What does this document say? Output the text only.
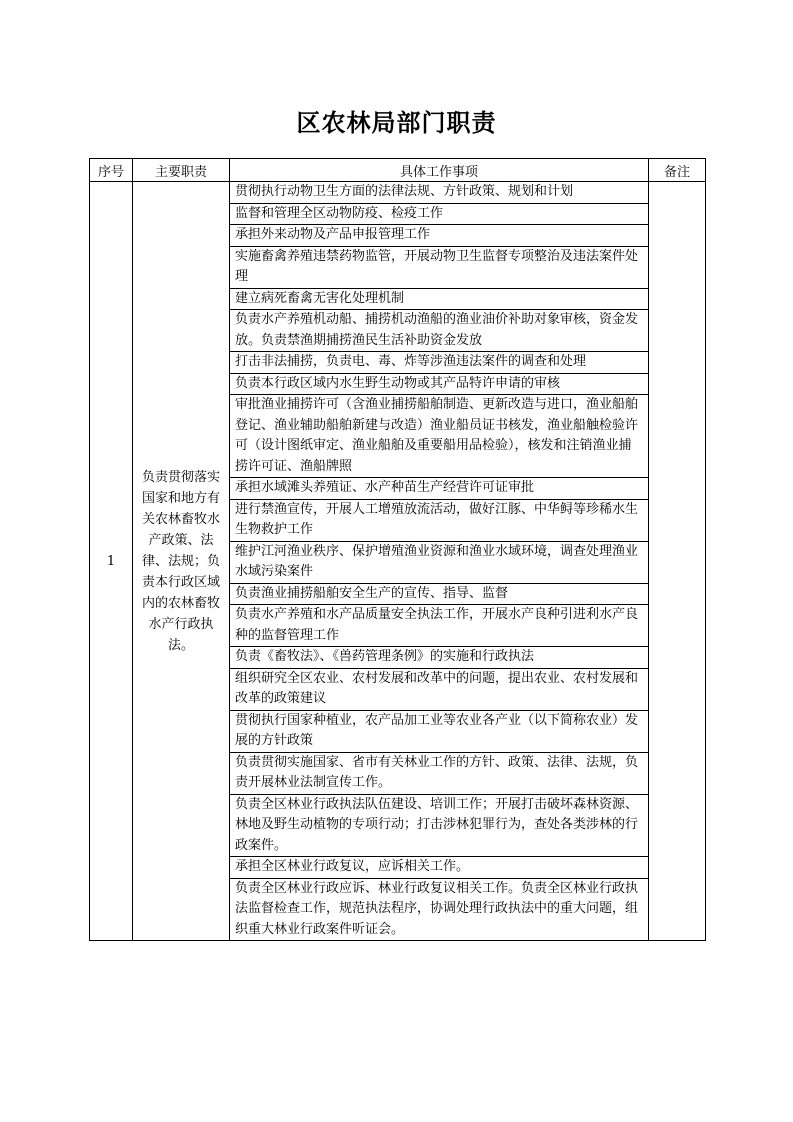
区农林局部门职责
序号	主要职责	具体工作事项	备注
1	负责贯彻落实国家和地方有关农林畜牧水产政策、法律、法规；负责本行政区域内的农林畜牧水产行政执法。	贯彻执行动物卫生方面的法律法规、方针政策、规划和计划	
		监督和管理全区动物防疫、检疫工作	
		承担外来动物及产品申报管理工作	
		实施畜禽养殖违禁药物监管，开展动物卫生监督专项整治及违法案件处理	
		建立病死畜禽无害化处理机制	
		负责水产养殖机动船、捕捞机动渔船的渔业油价补助对象审核，资金发放。负责禁渔期捕捞渔民生活补助资金发放	
		打击非法捕捞，负责电、毒、炸等涉渔违法案件的调查和处理	
		负责本行政区域内水生野生动物或其产品特许申请的审核	
		审批渔业捕捞许可（含渔业捕捞船舶制造、更新改造与进口，渔业船舶登记、渔业辅助船舶新建与改造）渔业船员证书核发，渔业船触检验许可（设计图纸审定、渔业船舶及重要船用品检验），核发和注销渔业捕捞许可证、渔船牌照	
		承担水域滩头养殖证、水产种苗生产经营许可证审批	
		进行禁渔宣传，开展人工增殖放流活动，做好江豚、中华鲟等珍稀水生生物救护工作	
		维护江河渔业秩序、保护增殖渔业资源和渔业水域环境，调查处理渔业水域污染案件	
		负责渔业捕捞船舶安全生产的宣传、指导、监督	
		负责水产养殖和水产品质量安全执法工作，开展水产良种引进利水产良种的监督管理工作	
		负责《畜牧法》、《兽药管理条例》的实施和行政执法	
		组织研究全区农业、农村发展和改革中的问题，提出农业、农村发展和改革的政策建议	
		贯彻执行国家种植业，农产品加工业等农业各产业（以下简称农业）发展的方针政策	
		负责贯彻实施国家、省市有关林业工作的方针、政策、法律、法规，负责开展林业法制宣传工作。	
		负责全区林业行政执法队伍建设、培训工作；开展打击破坏森林资源、林地及野生动植物的专项行动；打击涉林犯罪行为，查处各类涉林的行政案件。	
		承担全区林业行政复议，应诉相关工作。	
		负责全区林业行政应诉、林业行政复议相关工作。负责全区林业行政执法监督检查工作，规范执法程序，协调处理行政执法中的重大问题，组织重大林业行政案件听证会。	
